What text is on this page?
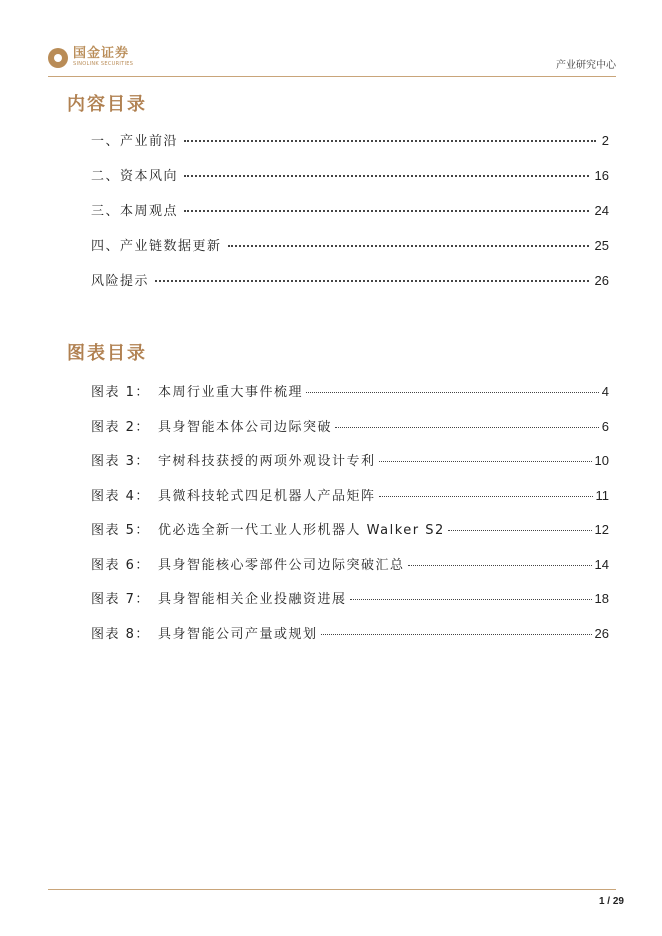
国金证券
SINOLINK SECURITIES	产业研究中心
内容目录
一、产业前沿	2
二、资本风向	16
三、本周观点	24
四、产业链数据更新	25
风险提示	26
图表目录
图表 1： 本周行业重大事件梳理	4
图表 2： 具身智能本体公司边际突破	6
图表 3： 宇树科技获授的两项外观设计专利	10
图表 4： 具微科技轮式四足机器人产品矩阵	11
图表 5： 优必选全新一代工业人形机器人 Walker S2	12
图表 6： 具身智能核心零部件公司边际突破汇总	14
图表 7： 具身智能相关企业投融资进展	18
图表 8： 具身智能公司产量或规划	26
1 / 29
